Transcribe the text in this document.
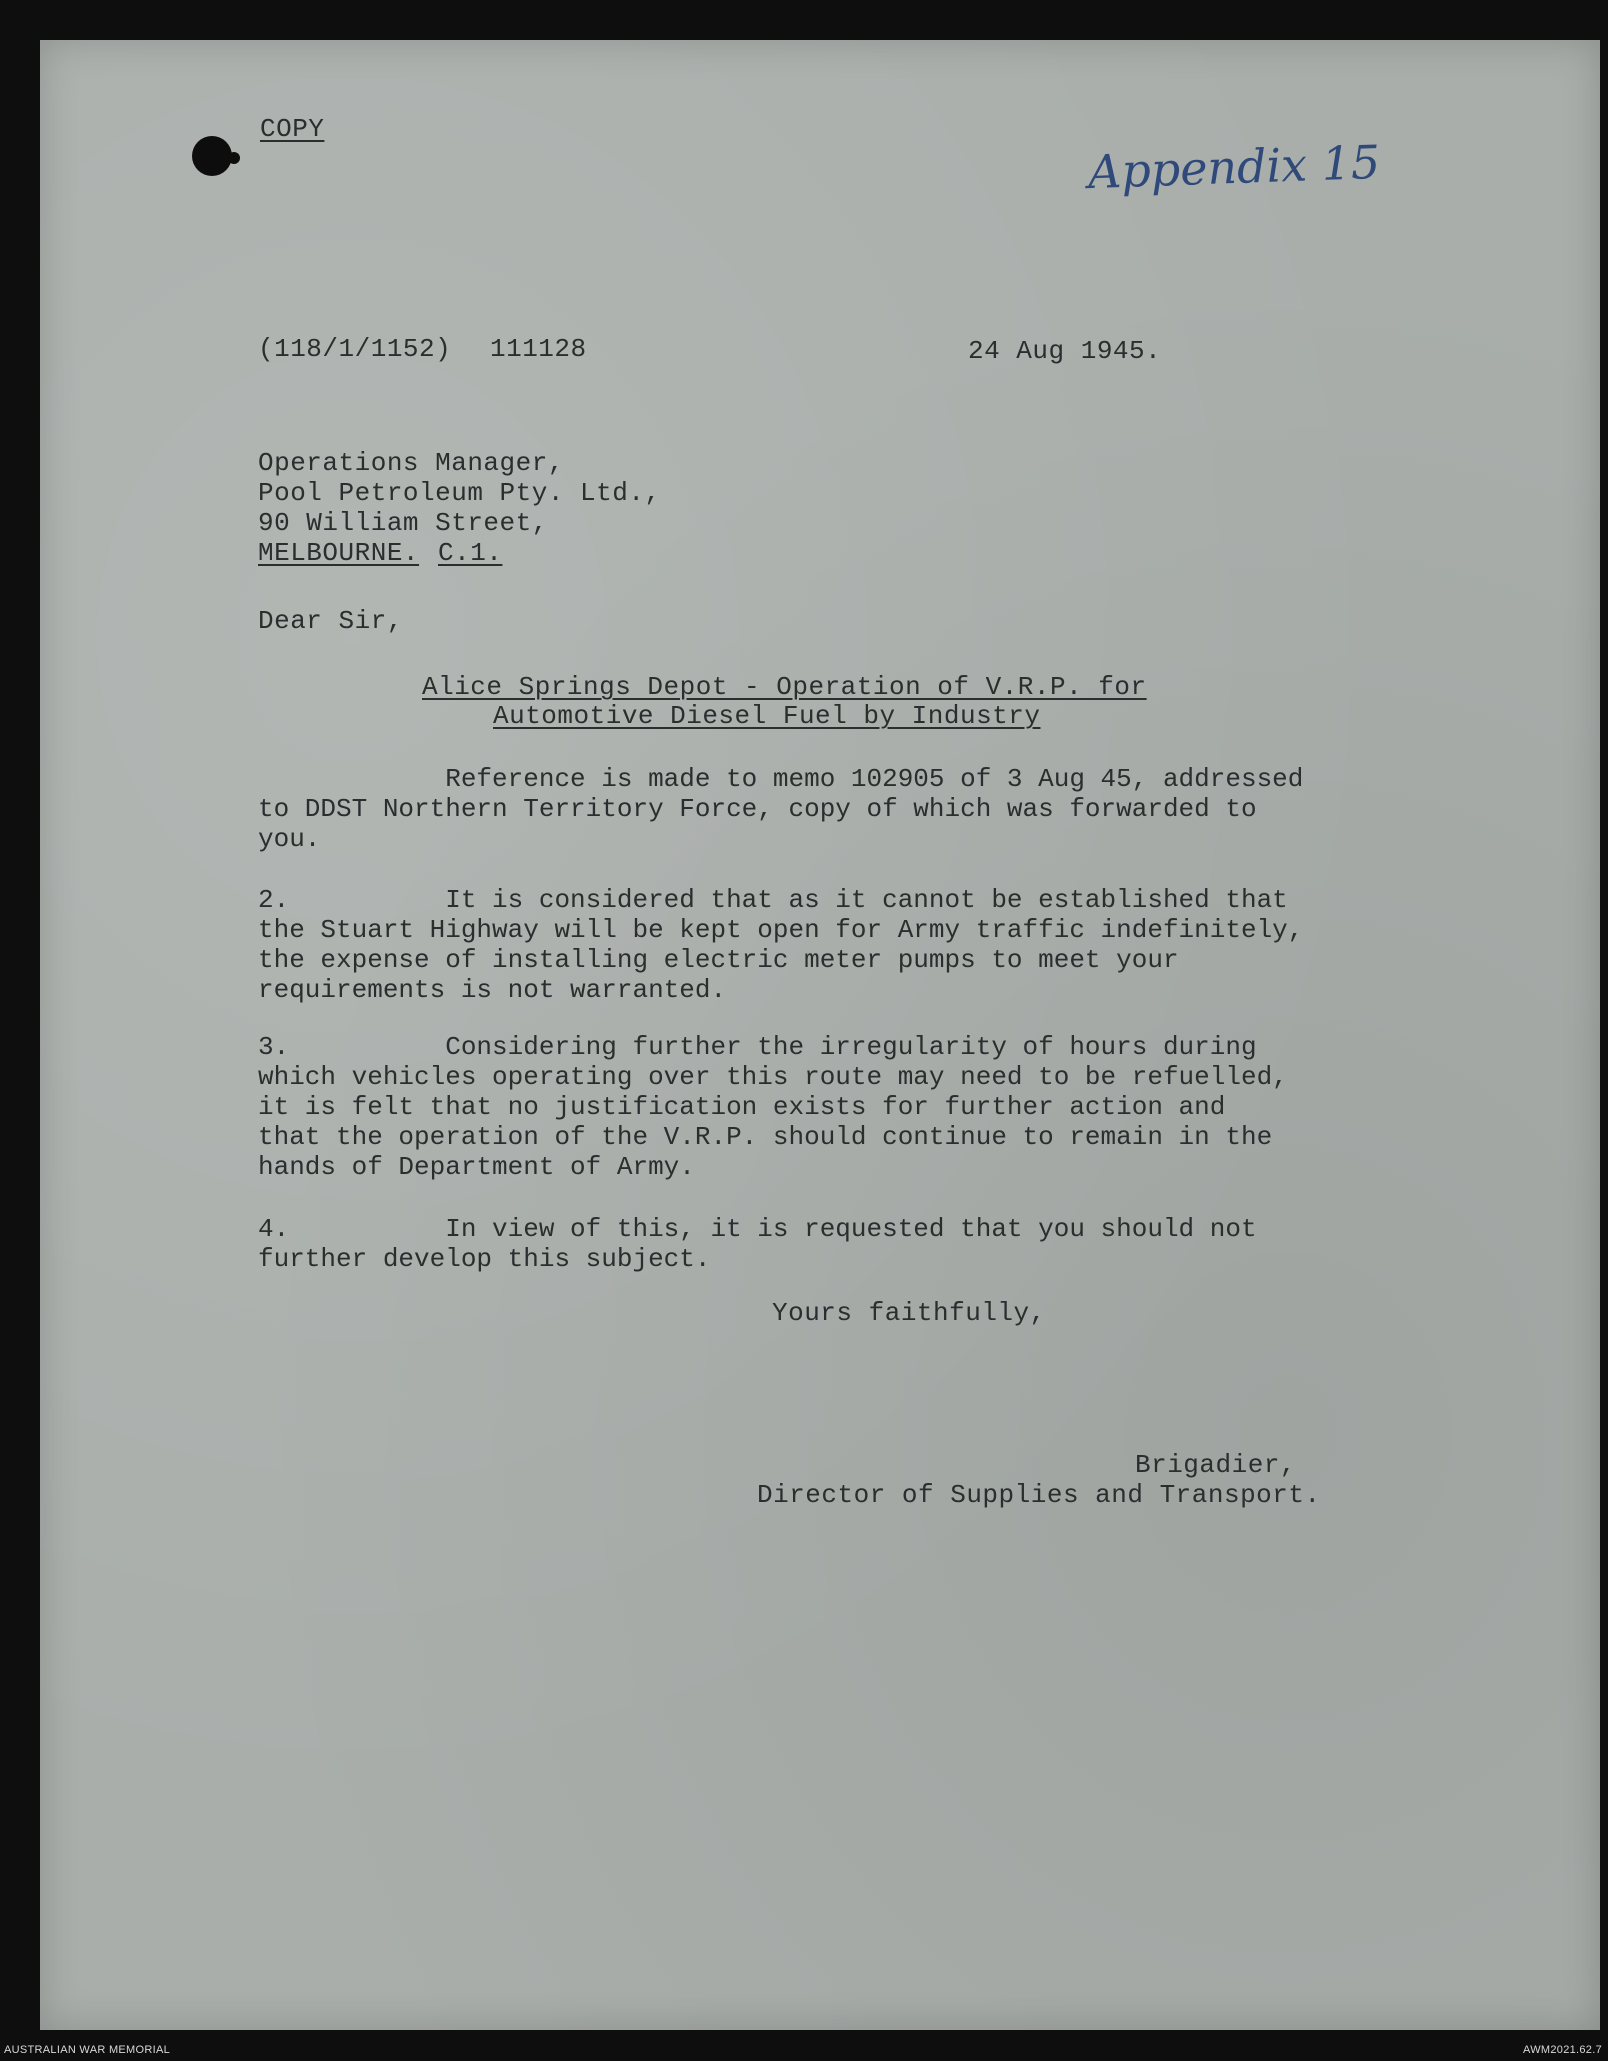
COPY
Appendix 15
(118/1/1152) 111128	24 Aug 1945.
Operations Manager,
Pool Petroleum Pty. Ltd.,
90 William Street,
MELBOURNE. C.1.
Dear Sir,
Alice Springs Depot - Operation of V.R.P. for
Automotive Diesel Fuel by Industry
Reference is made to memo 102905 of 3 Aug 45, addressed
to DDST Northern Territory Force, copy of which was forwarded to
you.
2.          It is considered that as it cannot be established that
the Stuart Highway will be kept open for Army traffic indefinitely,
the expense of installing electric meter pumps to meet your
requirements is not warranted.
3.          Considering further the irregularity of hours during
which vehicles operating over this route may need to be refuelled,
it is felt that no justification exists for further action and
that the operation of the V.R.P. should continue to remain in the
hands of Department of Army.
4.          In view of this, it is requested that you should not
further develop this subject.
Yours faithfully,
Brigadier,
Director of Supplies and Transport.
AUSTRALIAN WAR MEMORIAL	AWM2021.62.7
